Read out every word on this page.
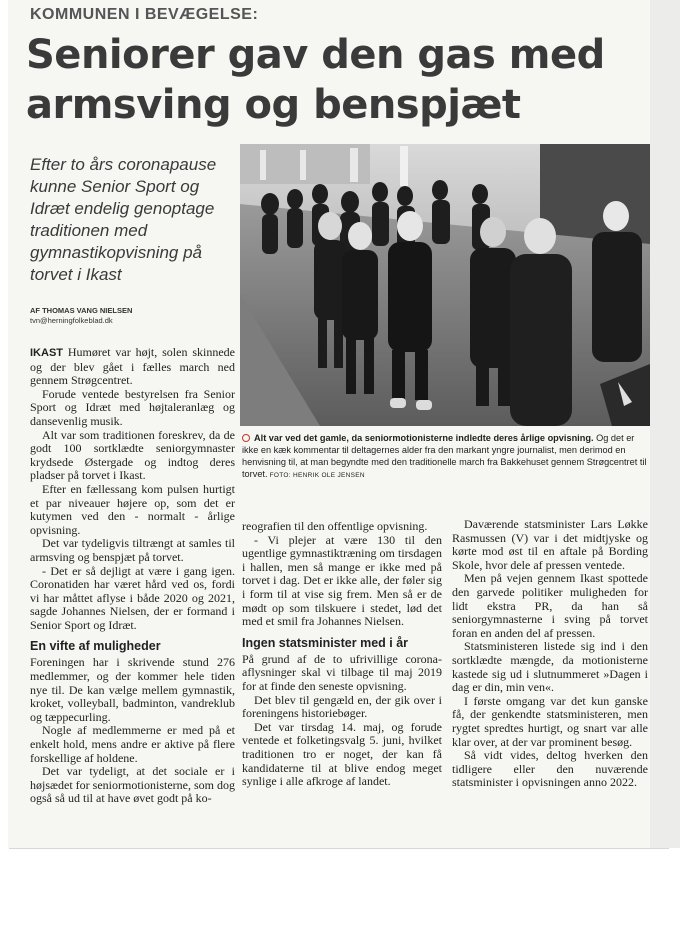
KOMMUNEN I BEVÆGELSE:
Seniorer gav den gas med
armsving og benspjæt
Efter to års coronapause kunne Senior Sport og Idræt endelig genoptage traditionen med gymnastikopvisning på torvet i Ikast
AF THOMAS VANG NIELSEN
tvn@herningfolkeblad.dk
Alt var ved det gamle, da seniormotionisterne indledte deres årlige opvisning. Og det er ikke en kæk kommentar til deltagernes alder fra den markant yngre journalist, men derimod en henvisning til, at man begyndte med den traditionelle march fra Bakkehuset gennem Strøgcentret til torvet. FOTO: HENRIK OLE JENSEN

IKAST Humøret var højt, solen skinnede og der blev gået i fælles march ned gennem Strøgcentret.

Forude ventede bestyrelsen fra Senior Sport og Idræt med højtaleranlæg og dansevenlig musik.

Alt var som traditionen foreskrev, da de godt 100 sortklædte seniorgymnaster krydsede Østergade og indtog deres pladser på torvet i Ikast.

Efter en fællessang kom pulsen hurtigt et par niveauer højere op, som det er kutymen ved den - normalt - årlige opvisning.

Det var tydeligvis tiltrængt at samles til armsving og benspjæt på torvet.

- Det er så dejligt at være i gang igen. Coronatiden har været hård ved os, fordi vi har måttet aflyse i både 2020 og 2021, sagde Johannes Nielsen, der er formand i Senior Sport og Idræt.

En vifte af muligheder

Foreningen har i skrivende stund 276 medlemmer, og der kommer hele tiden nye til. De kan vælge mellem gymnastik, kroket, volleyball, badminton, vandreklub og tæppecurling.

Nogle af medlemmerne er med på et enkelt hold, mens andre er aktive på flere forskellige af holdene.

Det var tydeligt, at det sociale er i højsædet for seniormotionisterne, som dog også så ud til at have øvet godt på ko-

reografien til den offentlige opvisning.

- Vi plejer at være 130 til den ugentlige gymnastiktræning om tirsdagen i hallen, men så mange er ikke med på torvet i dag. Det er ikke alle, der føler sig i form til at vise sig frem. Men så er de mødt op som tilskuere i stedet, lød det med et smil fra Johannes Nielsen.

Ingen statsminister med i år

På grund af de to ufrivillige corona-aflysninger skal vi tilbage til maj 2019 for at finde den seneste opvisning.

Det blev til gengæld en, der gik over i foreningens historiebøger.

Det var tirsdag 14. maj, og forude ventede et folketingsvalg 5. juni, hvilket traditionen tro er noget, der kan få kandidaterne til at blive endog meget synlige i alle afkroge af landet.

Daværende statsminister Lars Løkke Rasmussen (V) var i det midtjyske og kørte mod øst til en aftale på Bording Skole, hvor dele af pressen ventede.

Men på vejen gennem Ikast spottede den garvede politiker muligheden for lidt ekstra PR, da han så seniorgymnasterne i sving på torvet foran en anden del af pressen.

Statsministeren listede sig ind i den sortklædte mængde, da motionisterne kastede sig ud i slutnummeret »Dagen i dag er din, min ven«.

I første omgang var det kun ganske få, der genkendte statsministeren, men rygtet spredtes hurtigt, og snart var alle klar over, at der var prominent besøg.

Så vidt vides, deltog hverken den tidligere eller den nuværende statsminister i opvisningen anno 2022.
